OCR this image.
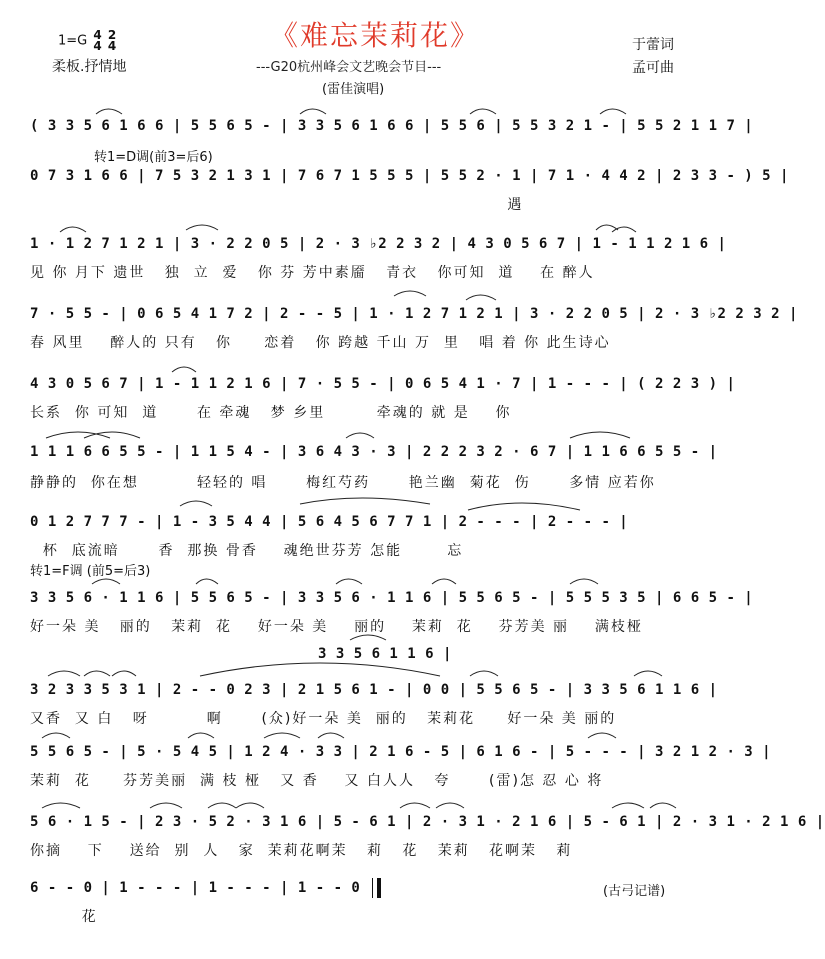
1=G 4
4

2
4
柔板.抒情地
《难忘茉莉花》
---G20杭州峰会文艺晚会节目---
(雷佳演唱)
于蕾词
孟可曲
( 3 3 5 6 1 6 6 | 5 5 6 5 - | 3 3 5 6 1 6 6 | 5 5 6 | 5 5 3 2 1 - | 5 5 2 1 1 7 |
转1=D调(前3=后6)
0 7 3 1 6 6 | 7 5 3 2 1 3 1 | 7 6 7 1 5 5 5 | 5 5 2 · 1 | 7 1 · 4 4 2 | 2 3 3 - ) 5 |
遇
1 · 1 2 7 1 2 1 | 3 · 2 2 0 5 | 2 · 3 ♭2 2 3 2 | 4 3 0 5 6 7 | 1 - 1 1 2 1 6 |
见 你 月下 遗世   独  立  爱   你 芬 芳中素靥   青衣   你可知  道    在 醉人
7 · 5 5 - | 0 6 5 4 1 7 2 | 2 - - 5 | 1 · 1 2 7 1 2 1 | 3 · 2 2 0 5 | 2 · 3 ♭2 2 3 2 |
春 风里    醉人的 只有   你     恋着   你 跨越 千山 万  里   唱 着 你 此生诗心
4 3 0 5 6 7 | 1 - 1 1 2 1 6 | 7 · 5 5 - | 0 6 5 4 1 · 7 | 1 - - - | ( 2 2 3 ) |
长系  你 可知  道      在 牵魂   梦 乡里        牵魂的 就 是    你
1 1 1 6 6 5 5 - | 1 1 5 4 - | 3 6 4 3 · 3 | 2 2 2 3 2 · 6 7 | 1 1 6 6 5 5 - |
静静的  你在想         轻轻的 唱      梅红芍药      艳兰幽  菊花  伤      多情 应若你
0 1 2 7 7 7 - | 1 - 3 5 4 4 | 5 6 4 5 6 7 7 1 | 2 - - - | 2 - - - |
杯  底流暗      香  那换 骨香    魂绝世芬芳 怎能       忘
转1=F调 (前5=后3)
3 3 5 6 · 1 1 6 | 5 5 6 5 - | 3 3 5 6 · 1 1 6 | 5 5 6 5 - | 5 5 5 3 5 | 6 6 5 - |
好一朵 美   丽的   茉莉  花    好一朵 美    丽的    茉莉  花    芬芳美 丽    满枝桠
3 3 5 6 1 1 6 |
3 2 3 3 5 3 1 | 2 - - 0 2 3 | 2 1 5 6 1 - | 0 0 | 5 5 6 5 - | 3 3 5 6 1 1 6 |
又香  又 白   呀         啊      (众)好一朵 美  丽的   茉莉花     好一朵 美 丽的
5 5 6 5 - | 5 · 5 4 5 | 1 2 4 · 3 3 | 2 1 6 - 5 | 6 1 6 - | 5 - - - | 3 2 1 2 · 3 |
茉莉  花     芬芳美丽  满 枝 桠   又 香    又 白人人   夸      (雷)怎 忍 心 将
5 6 · 1 5 - | 2 3 · 5 2 · 3 1 6 | 5 - 6 1 | 2 · 3 1 · 2 1 6 | 5 - 6 1 | 2 · 3 1 · 2 1 6 |
你摘    下    送给  别  人   家  茉莉花啊茉   莉   花   茉莉   花啊茉   莉
6 - - 0 | 1 - - - | 1 - - - | 1 - - 0
花
(古弓记谱)
